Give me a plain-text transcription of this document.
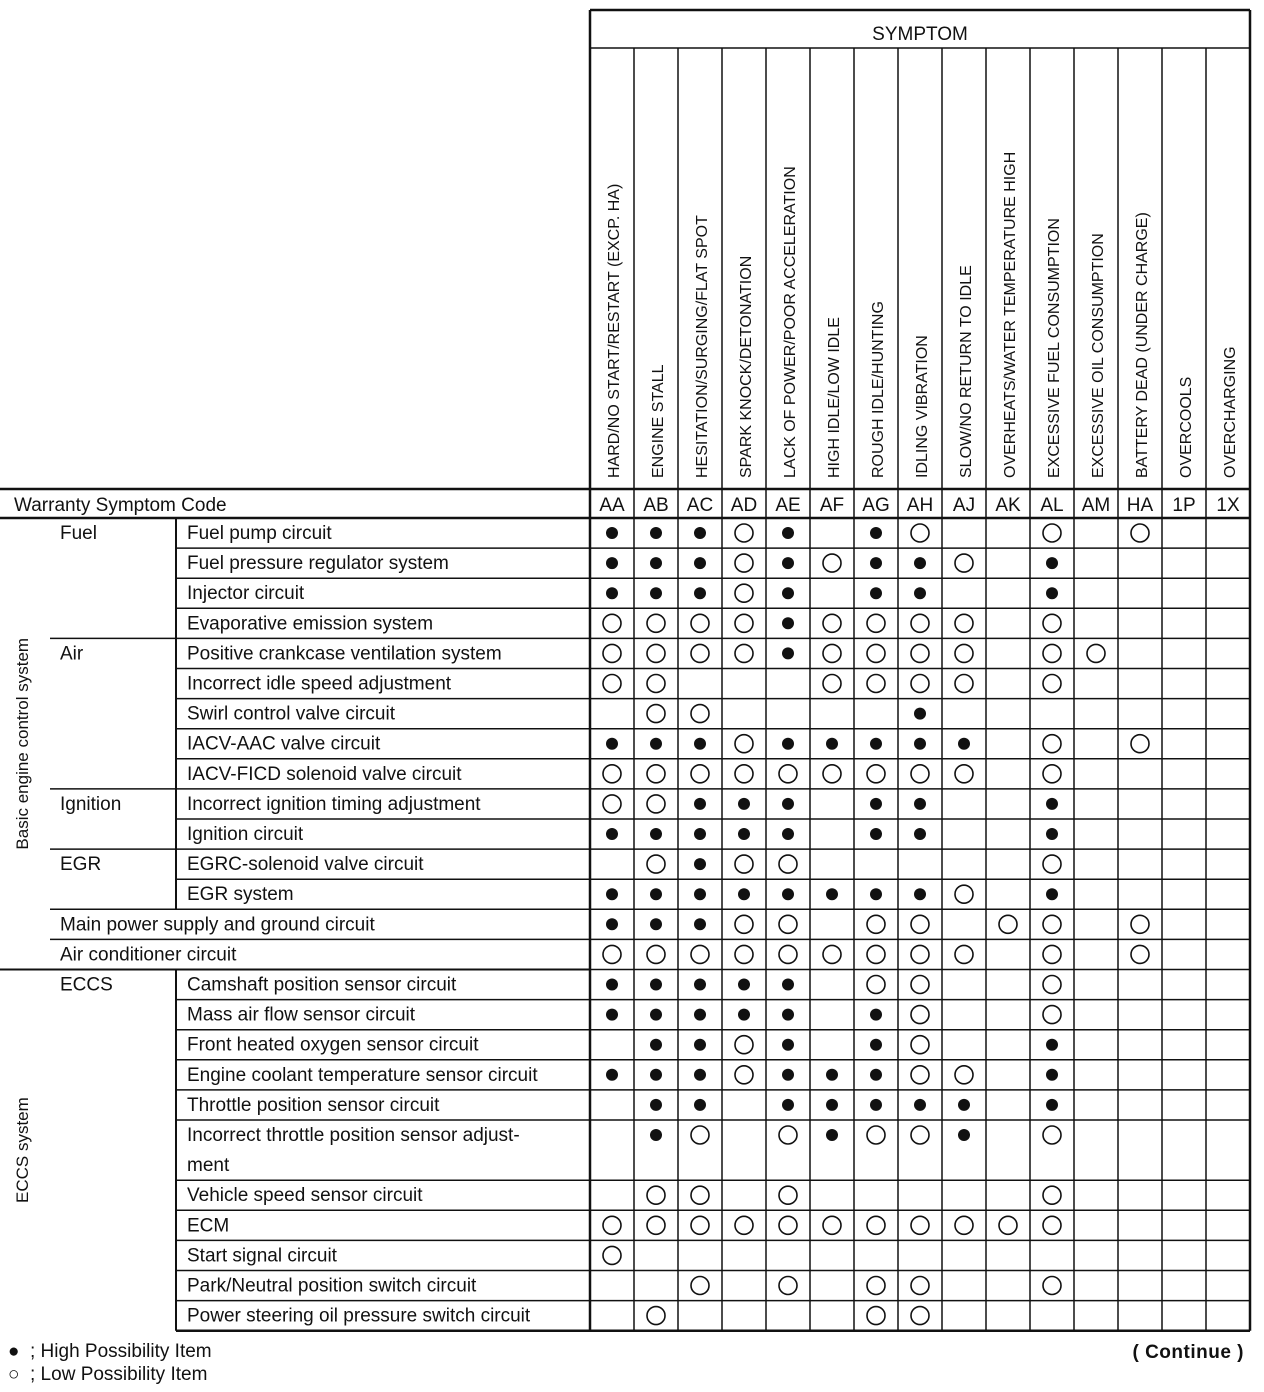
SYMPTOM
HARD/NO START/RESTART (EXCP. HA)
AA
ENGINE STALL
AB
HESITATION/SURGING/FLAT SPOT
AC
SPARK KNOCK/DETONATION
AD
LACK OF POWER/POOR ACCELERATION
AE
HIGH IDLE/LOW IDLE
AF
ROUGH IDLE/HUNTING
AG
IDLING VIBRATION
AH
SLOW/NO RETURN TO IDLE
AJ
OVERHEATS/WATER TEMPERATURE HIGH
AK
EXCESSIVE FUEL CONSUMPTION
AL
EXCESSIVE OIL CONSUMPTION
AM
BATTERY DEAD (UNDER CHARGE)
HA
OVERCOOLS
1P
OVERCHARGING
1X
Warranty Symptom Code
Basic engine control system
ECCS system
Fuel
Air
Ignition
EGR
ECCS
Fuel pump circuit
Fuel pressure regulator system
Injector circuit
Evaporative emission system
Positive crankcase ventilation system
Incorrect idle speed adjustment
Swirl control valve circuit
IACV-AAC valve circuit
IACV-FICD solenoid valve circuit
Incorrect ignition timing adjustment
Ignition circuit
EGRC-solenoid valve circuit
EGR system
Main power supply and ground circuit
Air conditioner circuit
Camshaft position sensor circuit
Mass air flow sensor circuit
Front heated oxygen sensor circuit
Engine coolant temperature sensor circuit
Throttle position sensor circuit
Incorrect throttle position sensor adjust-
ment
Vehicle speed sensor circuit
ECM
Start signal circuit
Park/Neutral position switch circuit
Power steering oil pressure switch circuit
● ; High Possibility Item
○ ; Low Possibility Item
( Continue )
